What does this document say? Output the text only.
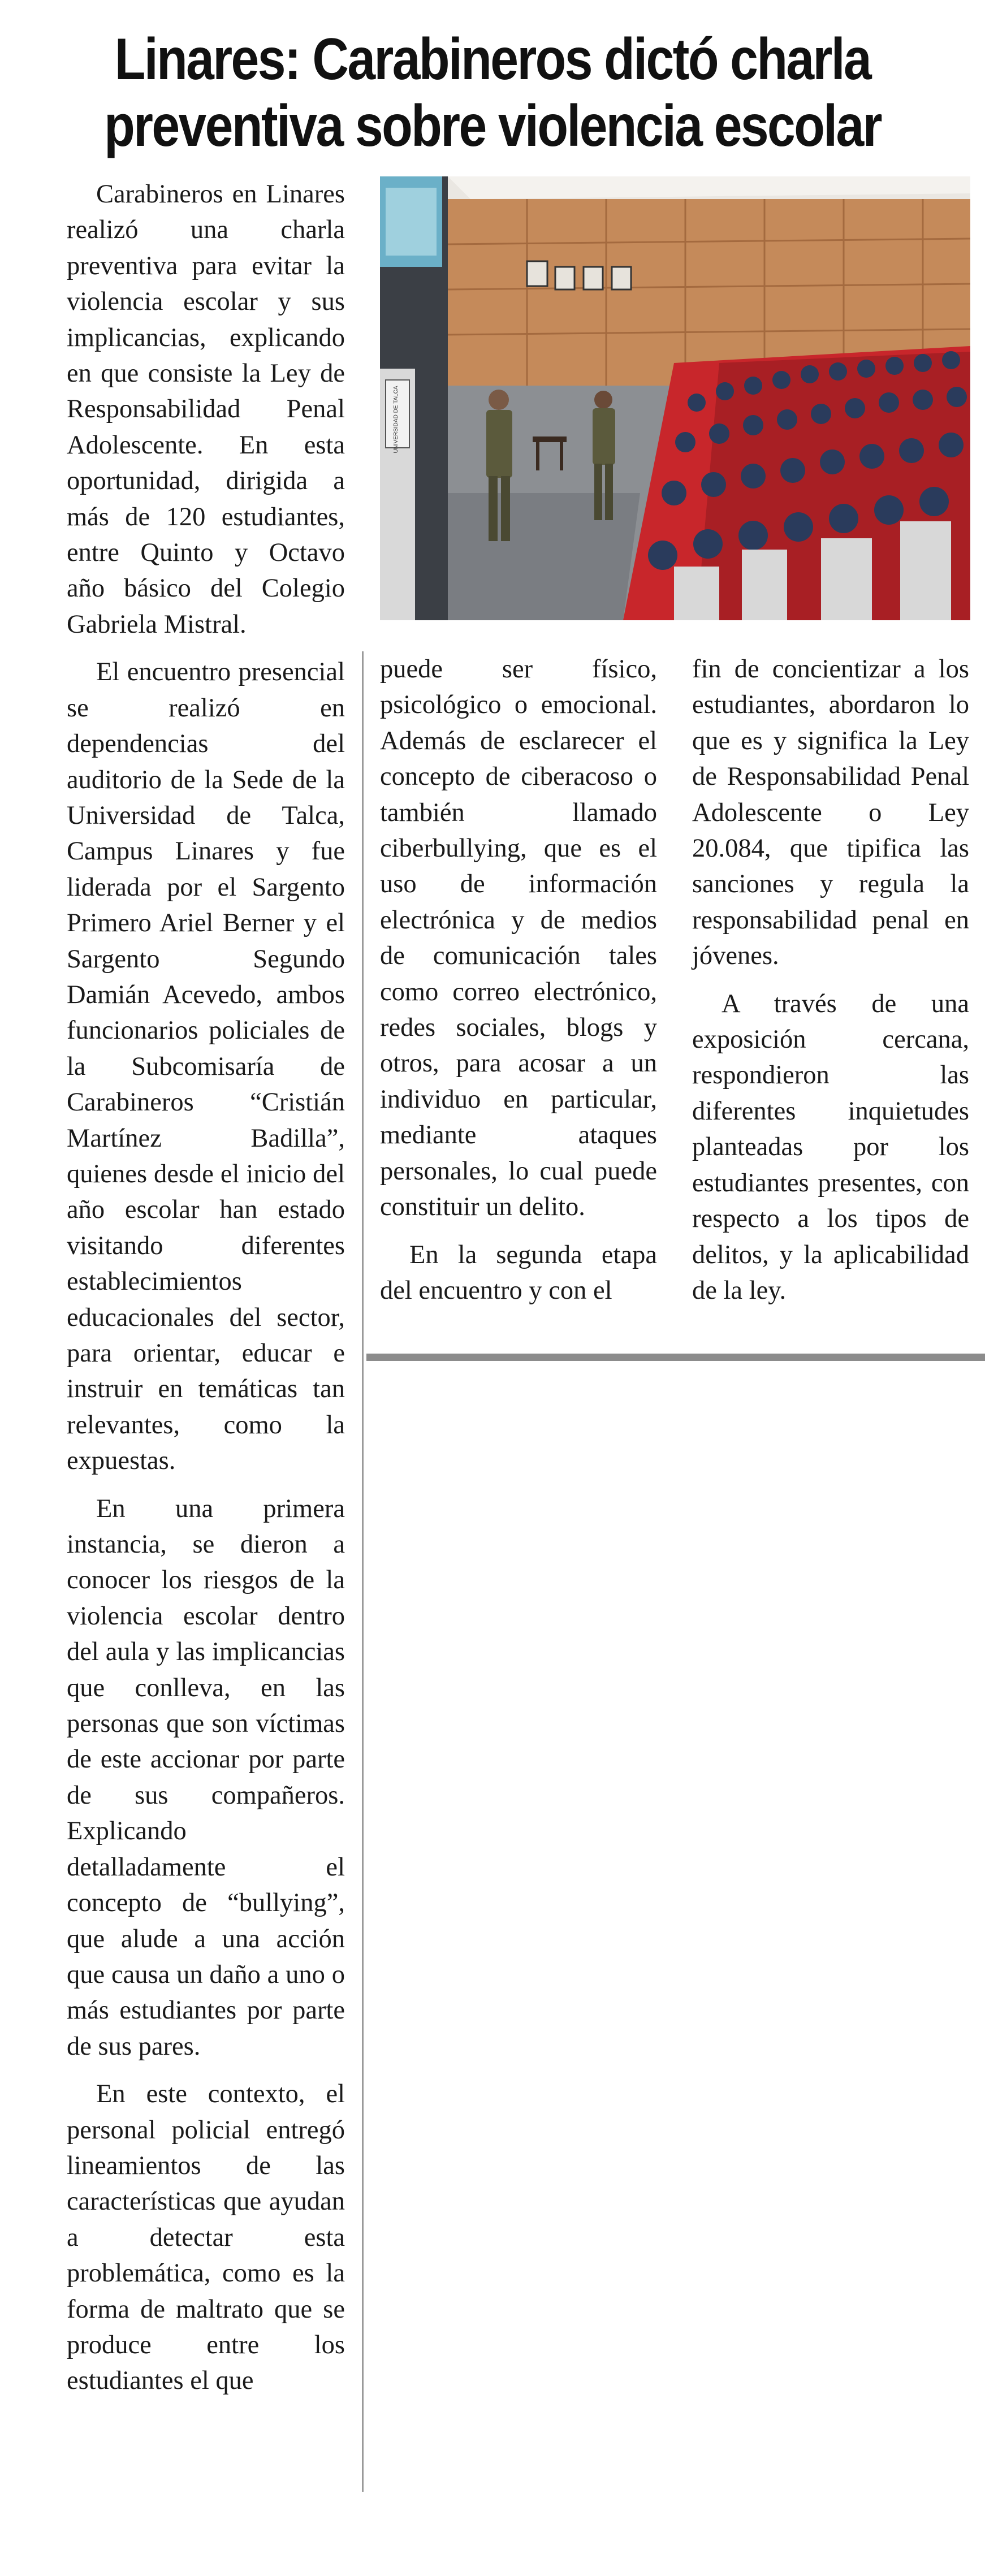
Linares: Carabineros dictó charla
preventiva sobre violencia escolar

Carabineros en Linares realizó una charla preventiva para evitar la violencia escolar y sus implicancias, explicando en que consiste la Ley de Responsabilidad Penal Adolescente. En esta oportunidad, dirigida a más de 120 estudiantes, entre Quinto y Octavo año básico del Colegio Gabriela Mistral.

El encuentro presencial se realizó en dependencias del auditorio de la Sede de la Universidad de Talca, Campus Linares y fue liderada por el Sargento Primero Ariel Berner y el Sargento Segundo Damián Acevedo, ambos funcionarios policiales de la Subcomisaría de Carabineros “Cristián Martínez Badilla”, quienes desde el inicio del año escolar han estado visitando diferentes establecimientos educacionales del sector, para orientar, educar e instruir en temáticas tan relevantes, como la expuestas.

En una primera instancia, se dieron a conocer los riesgos de la violencia escolar dentro del aula y las implicancias que conlleva, en las personas que son víctimas de este accionar por parte de sus compañeros. Explicando detalladamente el concepto de “bullying”, que alude a una acción que causa un daño a uno o más estudiantes por parte de sus pares.

En este contexto, el personal policial entregó lineamientos de las características que ayudan a detectar esta problemática, como es la forma de maltrato que se produce entre los estudiantes el que

UNIVERSIDAD DE TALCA

puede ser físico, psicológico o emocional. Además de esclarecer el concepto de ciberacoso o también llamado ciberbullying, que es el uso de información electrónica y de medios de comunicación tales como correo electrónico, redes sociales, blogs y otros, para acosar a un individuo en particular, mediante ataques personales, lo cual puede constituir un delito.

En la segunda etapa del encuentro y con el

fin de concientizar a los estudiantes, abordaron lo que es y significa la Ley de Responsabilidad Penal Adolescente o Ley 20.084, que tipifica las sanciones y regula la responsabilidad penal en jóvenes.

A través de una exposición cercana, respondieron las diferentes inquietudes planteadas por los estudiantes presentes, con respecto a los tipos de delitos, y la aplicabilidad de la ley.
